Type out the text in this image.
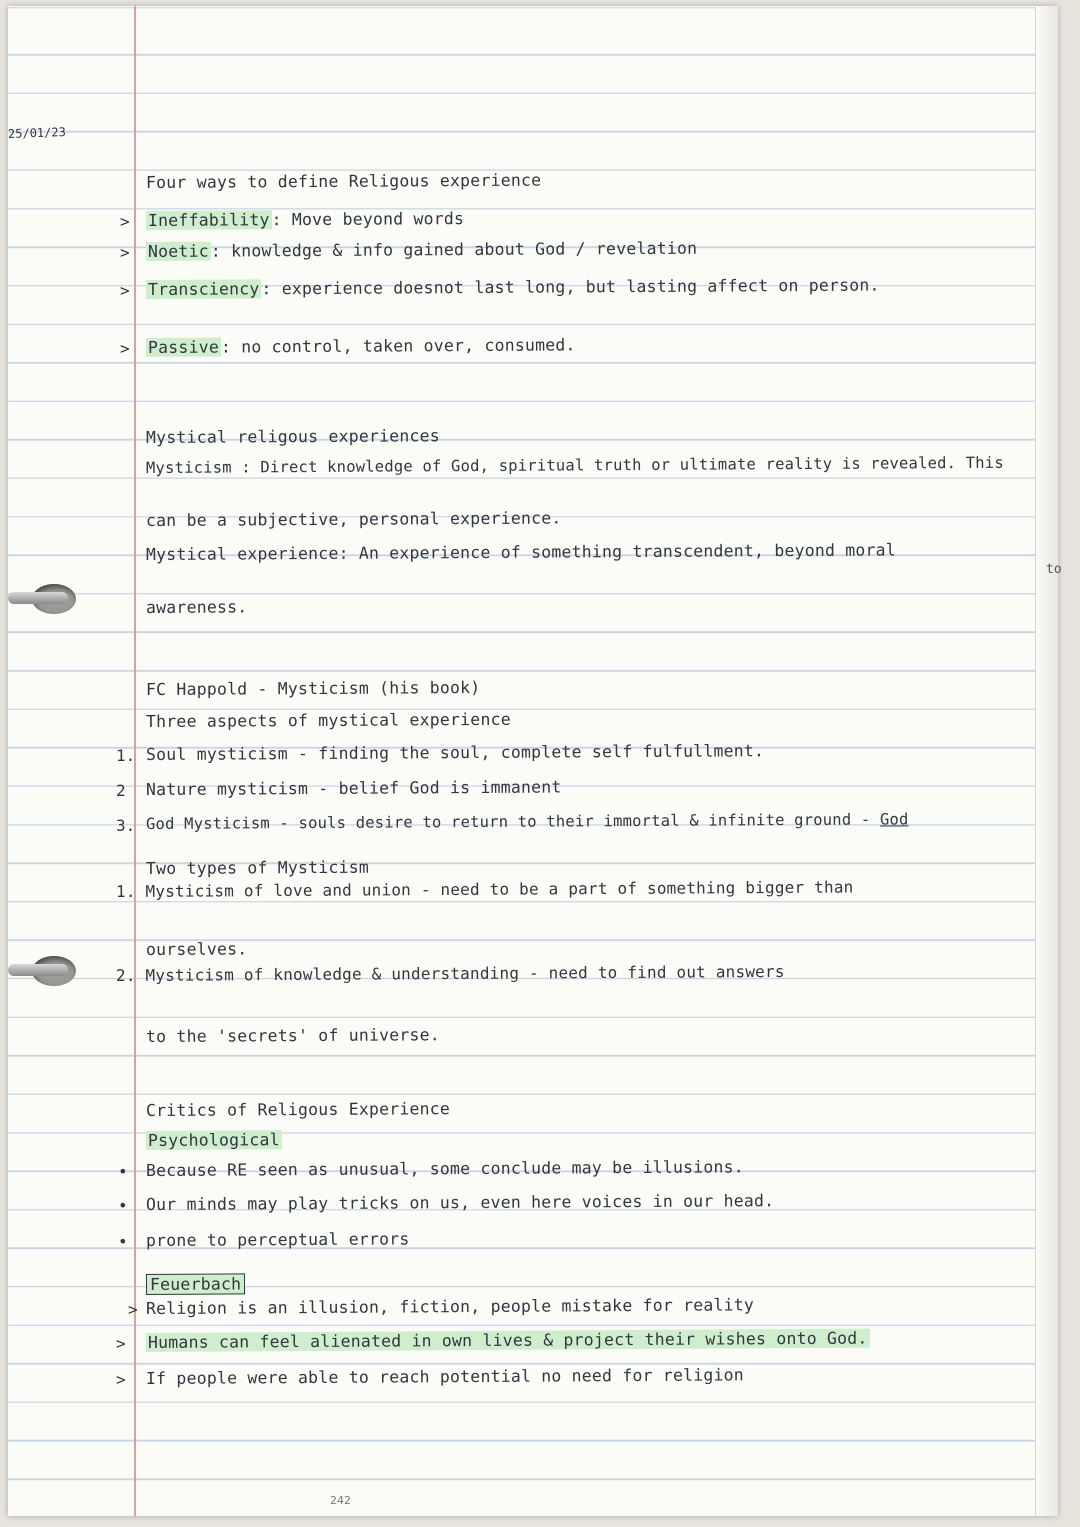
25/01/23
Four ways to define Religous experience
> Ineffability : Move beyond words
> Noetic : knowledge & info gained about God / revelation
> Transciency : experience doesnot last long, but lasting affect on person.
> Passive : no control, taken over, consumed.
Mystical religous experiences
Mysticism : Direct knowledge of God, spiritual truth or ultimate reality is revealed. This
can be a subjective, personal experience.
Mystical experience: An experience of something transcendent, beyond moral
awareness.
FC Happold - Mysticism (his book)
Three aspects of mystical experience
1. Soul mysticism - finding the soul, complete self fulfullment.
2 Nature mysticism - belief God is immanent
3. God Mysticism - souls desire to return to their immortal & infinite ground - God
Two types of Mysticism
1. Mysticism of love and union - need to be a part of something bigger than
ourselves.
2. Mysticism of knowledge & understanding - need to find out answers
to the 'secrets' of universe.
Critics of Religous Experience
Psychological
• Because RE seen as unusual, some conclude may be illusions.
• Our minds may play tricks on us, even here voices in our head.
• prone to perceptual errors
Feuerbach
> Religion is an illusion, fiction, people mistake for reality
> Humans can feel alienated in own lives & project their wishes onto God.
> If people were able to reach potential no need for religion
242
to
